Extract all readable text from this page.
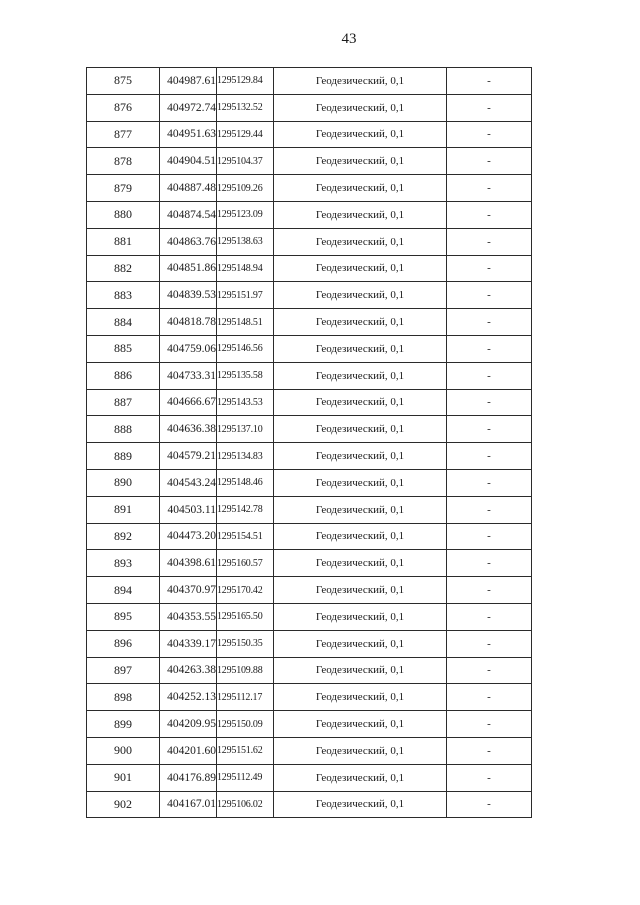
43
875	404987.61	1295129.84	Геодезический, 0,1	-
876	404972.74	1295132.52	Геодезический, 0,1	-
877	404951.63	1295129.44	Геодезический, 0,1	-
878	404904.51	1295104.37	Геодезический, 0,1	-
879	404887.48	1295109.26	Геодезический, 0,1	-
880	404874.54	1295123.09	Геодезический, 0,1	-
881	404863.76	1295138.63	Геодезический, 0,1	-
882	404851.86	1295148.94	Геодезический, 0,1	-
883	404839.53	1295151.97	Геодезический, 0,1	-
884	404818.78	1295148.51	Геодезический, 0,1	-
885	404759.06	1295146.56	Геодезический, 0,1	-
886	404733.31	1295135.58	Геодезический, 0,1	-
887	404666.67	1295143.53	Геодезический, 0,1	-
888	404636.38	1295137.10	Геодезический, 0,1	-
889	404579.21	1295134.83	Геодезический, 0,1	-
890	404543.24	1295148.46	Геодезический, 0,1	-
891	404503.11	1295142.78	Геодезический, 0,1	-
892	404473.20	1295154.51	Геодезический, 0,1	-
893	404398.61	1295160.57	Геодезический, 0,1	-
894	404370.97	1295170.42	Геодезический, 0,1	-
895	404353.55	1295165.50	Геодезический, 0,1	-
896	404339.17	1295150.35	Геодезический, 0,1	-
897	404263.38	1295109.88	Геодезический, 0,1	-
898	404252.13	1295112.17	Геодезический, 0,1	-
899	404209.95	1295150.09	Геодезический, 0,1	-
900	404201.60	1295151.62	Геодезический, 0,1	-
901	404176.89	1295112.49	Геодезический, 0,1	-
902	404167.01	1295106.02	Геодезический, 0,1	-
